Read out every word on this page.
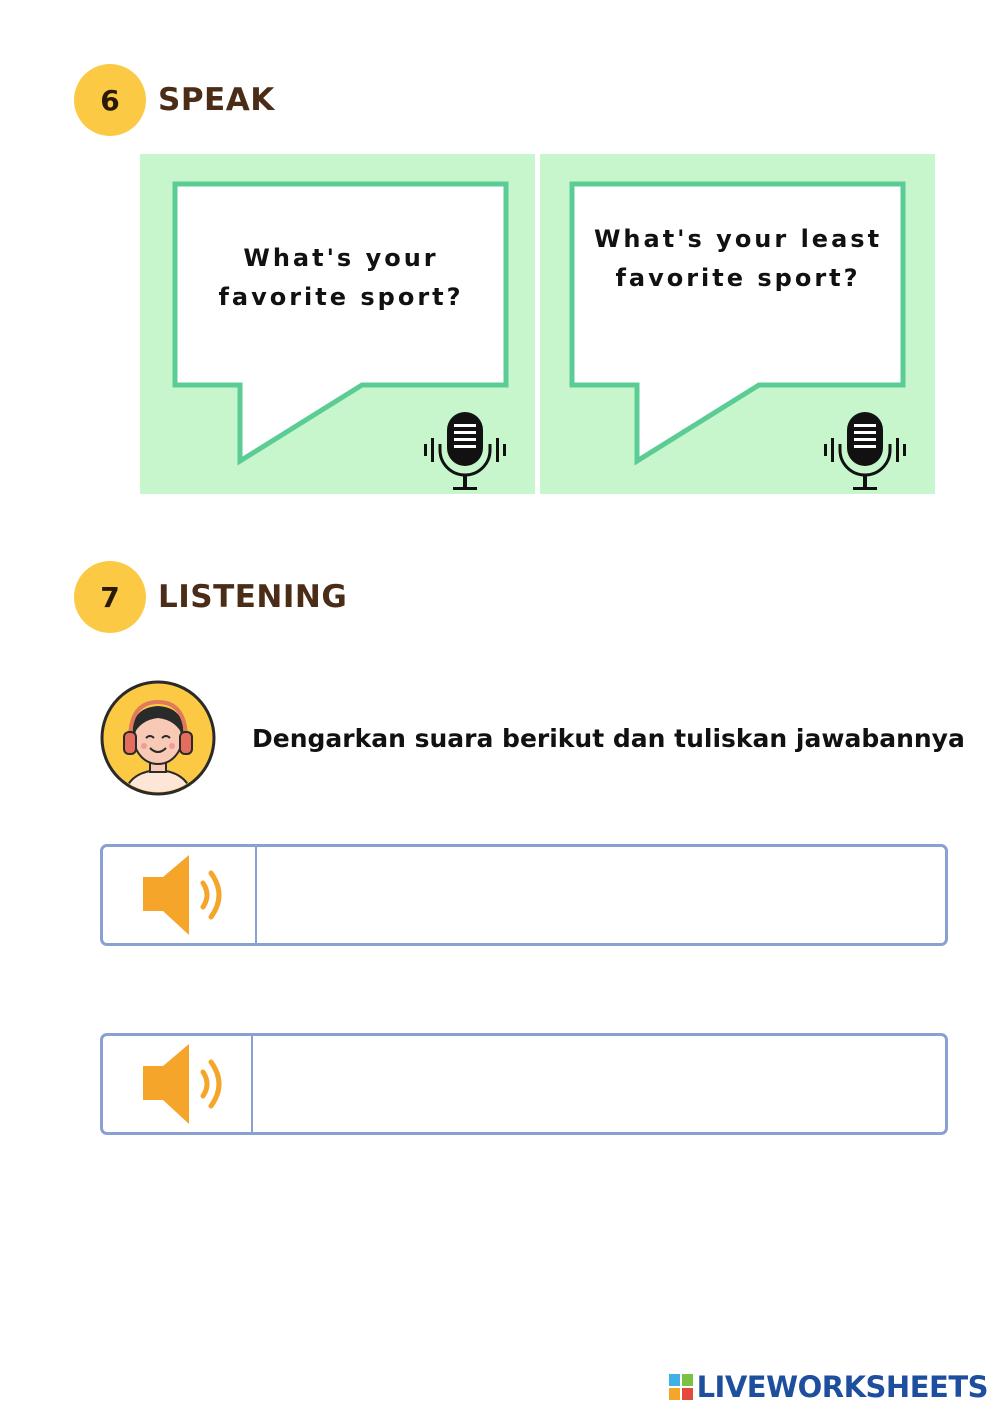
6	SPEAK
What's your favorite sport?
What's your least favorite sport?
7	LISTENING
Dengarkan suara berikut dan tuliskan jawabannya
LIVEWORKSHEETS
